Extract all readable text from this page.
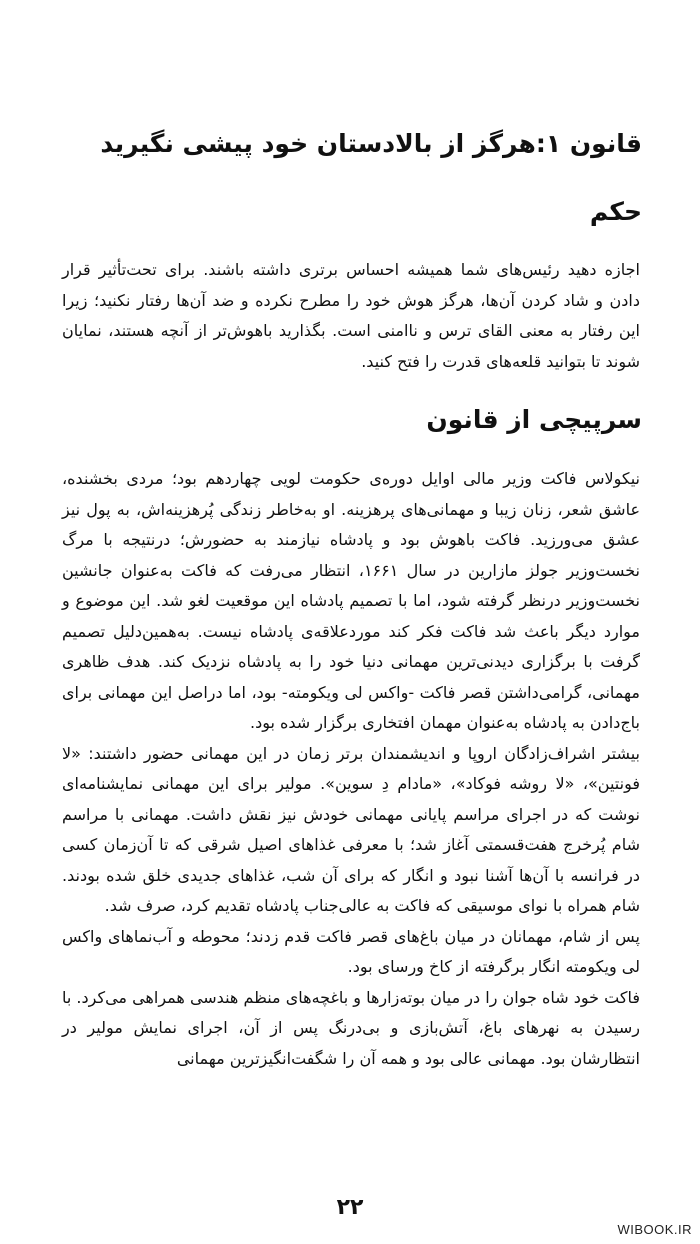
قانون ۱:هرگز از بالادستان خود پیشی نگیرید
حکم

اجازه دهید رئیس‌های شما همیشه احساس برتری داشته باشند. برای تحت‌تأثیر قرار دادن و شاد کردن آن‌ها، هرگز هوش خود را مطرح نکرده و ضد آن‌ها رفتار نکنید؛ زیرا این رفتار به معنی القای ترس و ناامنی است. بگذارید باهوش‌تر از آنچه هستند، نمایان شوند تا بتوانید قلعه‌های قدرت را فتح کنید.

سرپیچی از قانون

نیکولاس فاکت وزیر مالی اوایل دوره‌ی حکومت لویی چهاردهم بود؛ مردی بخشنده، عاشق شعر، زنان زیبا و مهمانی‌های پرهزینه. او به‌خاطر زندگی پُرهزینه‌اش، به پول نیز عشق می‌ورزید. فاکت باهوش بود و پادشاه نیازمند به حضورش؛ درنتیجه با مرگ نخست‌وزیر جولز مازارین در سال ۱۶۶۱، انتظار می‌رفت که فاکت به‌عنوان جانشین نخست‌وزیر درنظر گرفته شود، اما با تصمیم پادشاه این موقعیت لغو شد. این موضوع و موارد دیگر باعث شد فاکت فکر کند موردعلاقه‌ی پادشاه نیست. به‌همین‌دلیل تصمیم گرفت با برگزاری دیدنی‌ترین مهمانی دنیا خود را به پادشاه نزدیک کند. هدف ظاهری مهمانی، گرامی‌داشتن قصر فاکت -واکس لی ویکومته- بود، اما دراصل این مهمانی برای باج‌دادن به پادشاه به‌عنوان مهمان افتخاری برگزار شده بود.

بیشتر اشراف‌زادگان اروپا و اندیشمندان برتر زمان در این مهمانی حضور داشتند: «لا فونتین»، «لا روشه فوکاد»، «مادام دِ سوین». مولیر برای این مهمانی نمایشنامه‌ای نوشت که در اجرای مراسم پایانی مهمانی خودش نیز نقش داشت. مهمانی با مراسم شام پُرخرج هفت‌قسمتی آغاز شد؛ با معرفی غذاهای اصیل شرقی که تا آن‌زمان کسی در فرانسه با آن‌ها آشنا نبود و انگار که برای آن شب، غذاهای جدیدی خلق شده بودند. شام همراه با نوای موسیقی که فاکت به عالی‌جناب پادشاه تقدیم کرد، صرف شد.

پس از شام، مهمانان در میان باغ‌های قصر فاکت قدم زدند؛ محوطه و آب‌نماهای واکس لی ویکومته انگار برگرفته از کاخ ورسای بود.

فاکت خود شاه جوان را در میان بوته‌زارها و باغچه‌های منظم هندسی همراهی می‌کرد. با رسیدن به نهرهای باغ، آتش‌بازی و بی‌درنگ پس از آن، اجرای نمایش مولیر در انتظارشان بود. مهمانی عالی بود و همه آن را شگفت‌انگیزترین مهمانی

۲۲
WIBOOK.IR
